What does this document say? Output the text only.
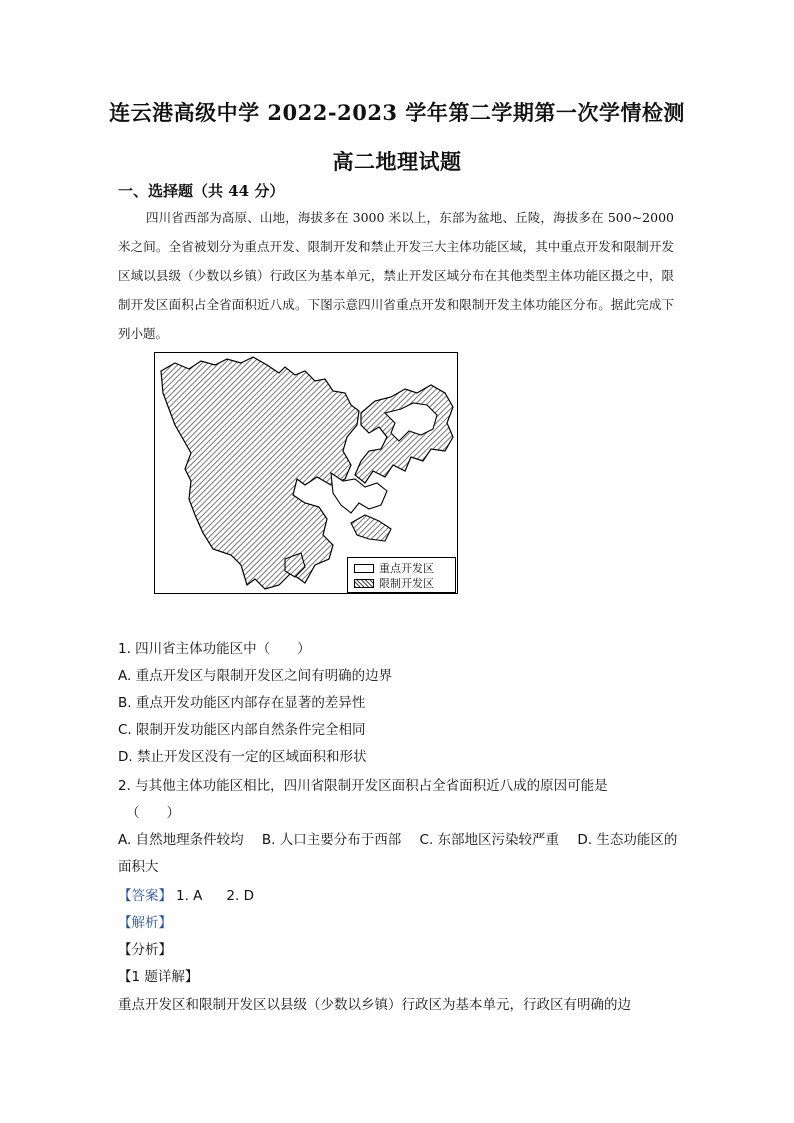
连云港高级中学 2022-2023 学年第二学期第一次学情检测
高二地理试题
一、选择题（共 44 分）
四川省西部为高原、山地，海拔多在 3000 米以上，东部为盆地、丘陵，海拔多在 500~2000 米之间。全省被划分为重点开发、限制开发和禁止开发三大主体功能区域，其中重点开发和限制开发区域以县级（少数以乡镇）行政区为基本单元，禁止开发区域分布在其他类型主体功能区摄之中，限制开发区面积占全省面积近八成。下图示意四川省重点开发和限制开发主体功能区分布。据此完成下列小题。
重点开发区
限制开发区
1. 四川省主体功能区中（　　）
A. 重点开发区与限制开发区之间有明确的边界
B. 重点开发功能区内部存在显著的差异性
C. 限制开发功能区内部自然条件完全相同
D. 禁止开发区没有一定的区域面积和形状
2. 与其他主体功能区相比，四川省限制开发区面积占全省面积近八成的原因可能是
（　　）
A. 自然地理条件较均 B. 人口主要分布于西部 C. 东部地区污染较严重 D. 生态功能区的面积大
【答案】 1. A 2. D
【解析】
【分析】
【1 题详解】
重点开发区和限制开发区以县级（少数以乡镇）行政区为基本单元，行政区有明确的边
